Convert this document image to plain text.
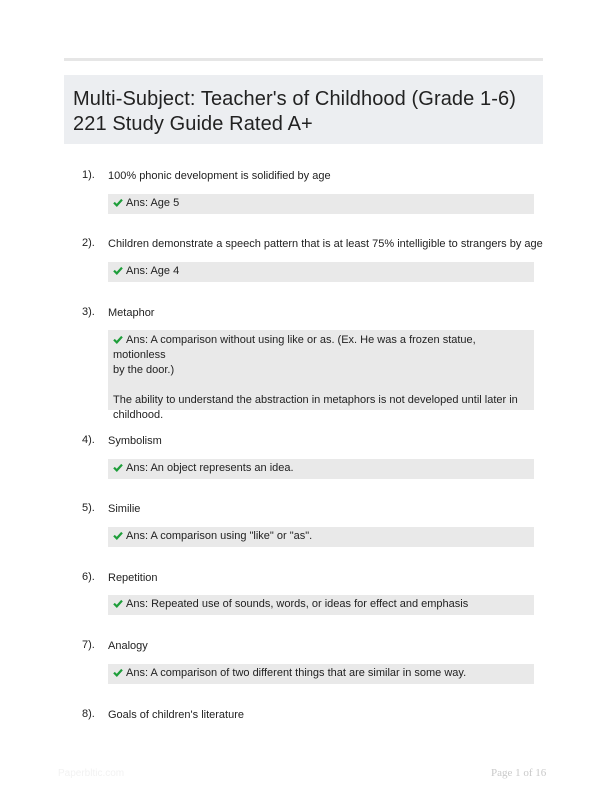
Multi-Subject: Teacher's of Childhood (Grade 1-6)
221 Study Guide Rated A+
1). 100% phonic development is solidified by age
Ans: Age 5
2). Children demonstrate a speech pattern that is at least 75% intelligible to strangers by age
Ans: Age 4
3). Metaphor

Ans: A comparison without using like or as. (Ex. He was a frozen statue, motionless

by the door.)

The ability to understand the abstraction in metaphors is not developed until later in

childhood.

4). Symbolism
Ans: An object represents an idea.
5). Similie
Ans: A comparison using "like" or "as".
6). Repetition
Ans: Repeated use of sounds, words, or ideas for effect and emphasis
7). Analogy
Ans: A comparison of two different things that are similar in some way.
8). Goals of children's literature
Paperbltic.com	Page 1 of 16
